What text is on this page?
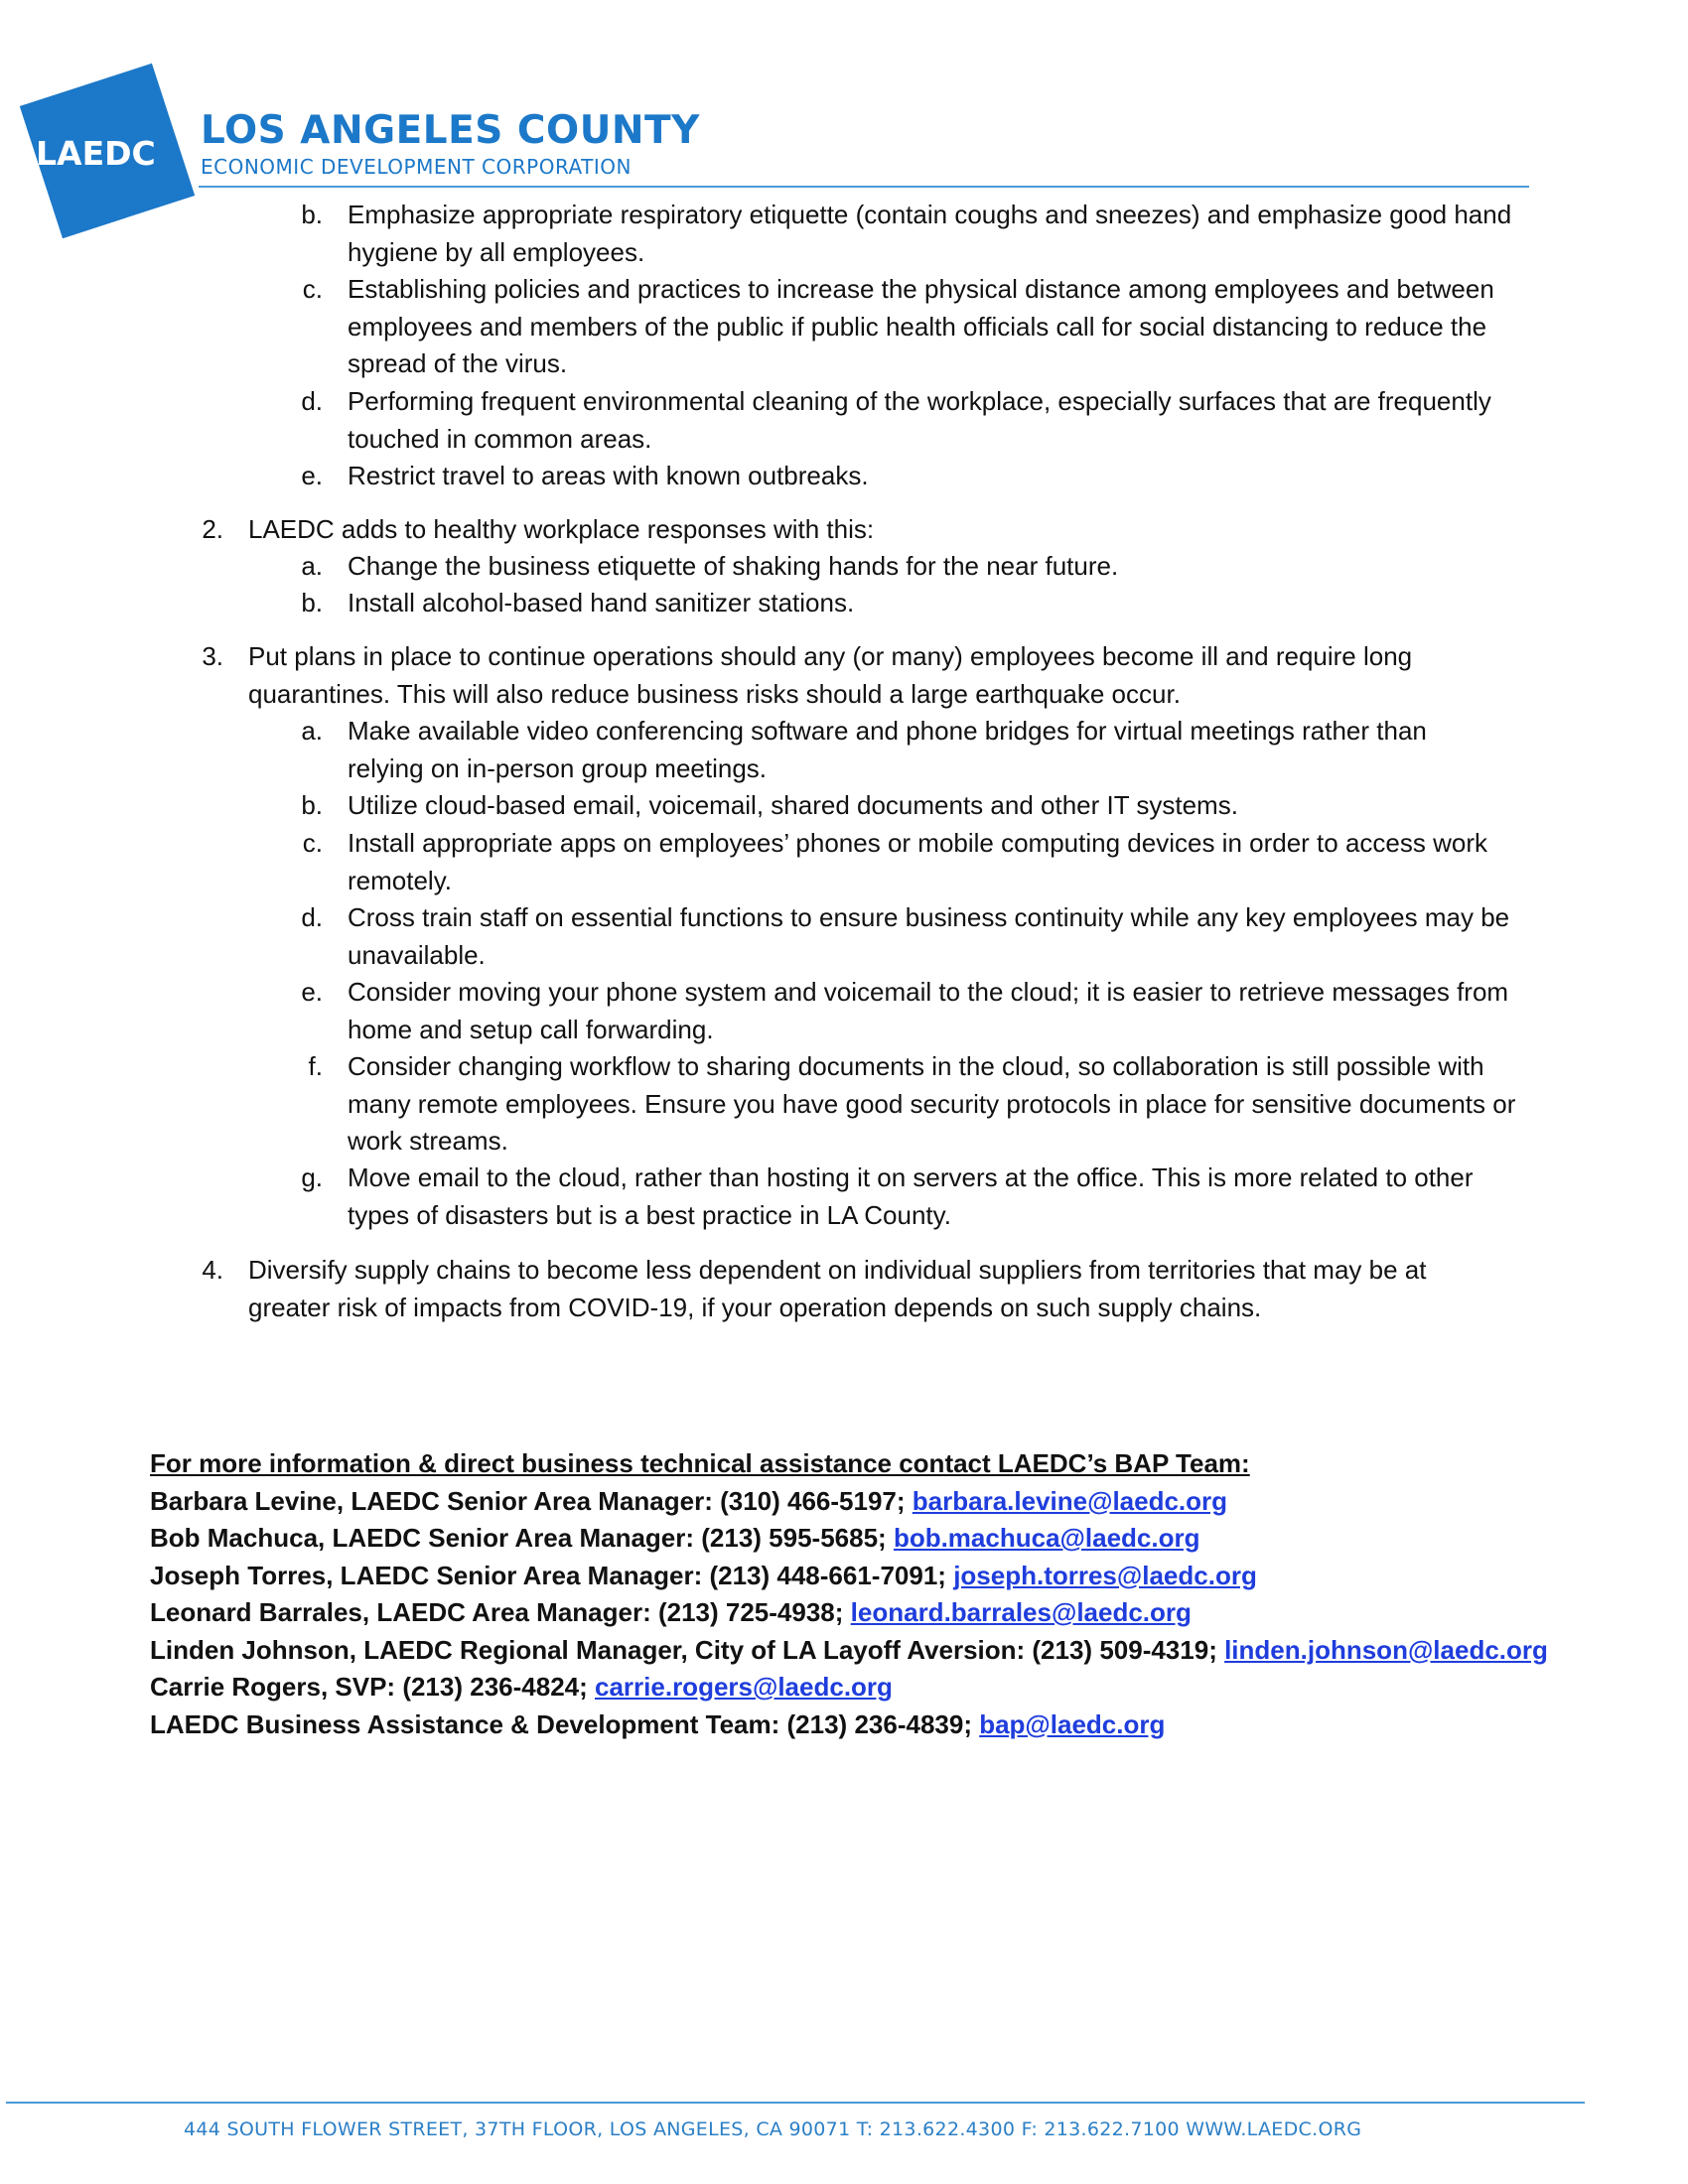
LAEDC
LOS ANGELES COUNTY
ECONOMIC DEVELOPMENT CORPORATION
b. Emphasize appropriate respiratory etiquette (contain coughs and sneezes) and emphasize good hand
hygiene by all employees.
c. Establishing policies and practices to increase the physical distance among employees and between
employees and members of the public if public health officials call for social distancing to reduce the
spread of the virus.
d. Performing frequent environmental cleaning of the workplace, especially surfaces that are frequently
touched in common areas.
e. Restrict travel to areas with known outbreaks.
2. LAEDC adds to healthy workplace responses with this:
a. Change the business etiquette of shaking hands for the near future.
b. Install alcohol-based hand sanitizer stations.
3. Put plans in place to continue operations should any (or many) employees become ill and require long
quarantines. This will also reduce business risks should a large earthquake occur.
a. Make available video conferencing software and phone bridges for virtual meetings rather than
relying on in-person group meetings.
b. Utilize cloud-based email, voicemail, shared documents and other IT systems.
c. Install appropriate apps on employees’ phones or mobile computing devices in order to access work
remotely.
d. Cross train staff on essential functions to ensure business continuity while any key employees may be
unavailable.
e. Consider moving your phone system and voicemail to the cloud; it is easier to retrieve messages from
home and setup call forwarding.
f. Consider changing workflow to sharing documents in the cloud, so collaboration is still possible with
many remote employees. Ensure you have good security protocols in place for sensitive documents or
work streams.
g. Move email to the cloud, rather than hosting it on servers at the office. This is more related to other
types of disasters but is a best practice in LA County.
4. Diversify supply chains to become less dependent on individual suppliers from territories that may be at
greater risk of impacts from COVID-19, if your operation depends on such supply chains.
For more information & direct business technical assistance contact LAEDC’s BAP Team:
Barbara Levine, LAEDC Senior Area Manager: (310) 466-5197; barbara.levine@laedc.org
Bob Machuca, LAEDC Senior Area Manager: (213) 595-5685; bob.machuca@laedc.org
Joseph Torres, LAEDC Senior Area Manager: (213) 448-661-7091; joseph.torres@laedc.org
Leonard Barrales, LAEDC Area Manager: (213) 725-4938; leonard.barrales@laedc.org
Linden Johnson, LAEDC Regional Manager, City of LA Layoff Aversion: (213) 509-4319; linden.johnson@laedc.org
Carrie Rogers, SVP: (213) 236-4824; carrie.rogers@laedc.org
LAEDC Business Assistance & Development Team: (213) 236-4839; bap@laedc.org
444 SOUTH FLOWER STREET, 37TH FLOOR, LOS ANGELES, CA 90071 T: 213.622.4300 F: 213.622.7100 WWW.LAEDC.ORG
